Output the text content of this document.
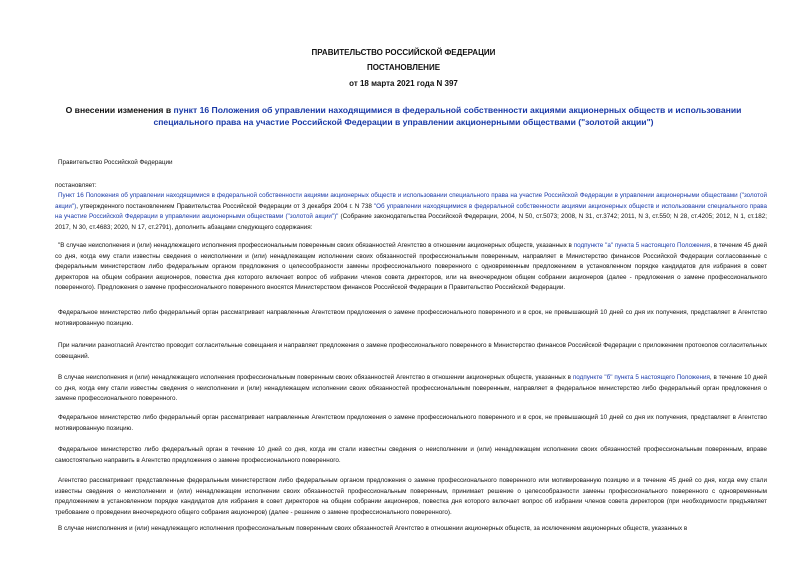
ПРАВИТЕЛЬСТВО РОССИЙСКОЙ ФЕДЕРАЦИИ
ПОСТАНОВЛЕНИЕ
от 18 марта 2021 года N 397
О внесении изменения в пункт 16 Положения об управлении находящимися в федеральной собственности акциями акционерных обществ и использовании специального права на участие Российской Федерации в управлении акционерными обществами ("золотой акции")

Правительство Российской Федерации

постановляет:

Пункт 16 Положения об управлении находящимися в федеральной собственности акциями акционерных обществ и использовании специального права на участие Российской Федерации в управлении акционерными обществами ("золотой акции"), утвержденного постановлением Правительства Российской Федерации от 3 декабря 2004 г. N 738 "Об управлении находящимися в федеральной собственности акциями акционерных обществ и использовании специального права на участие Российской Федерации в управлении акционерными обществами ("золотой акции")" (Собрание законодательства Российской Федерации, 2004, N 50, ст.5073; 2008, N 31, ст.3742; 2011, N 3, ст.550; N 28, ст.4205; 2012, N 1, ст.182; 2017, N 30, ст.4683; 2020, N 17, ст.2791), дополнить абзацами следующего содержания:

"В случае неисполнения и (или) ненадлежащего исполнения профессиональным поверенным своих обязанностей Агентство в отношении акционерных обществ, указанных в подпункте "а" пункта 5 настоящего Положения, в течение 45 дней со дня, когда ему стали известны сведения о неисполнении и (или) ненадлежащем исполнении своих обязанностей профессиональным поверенным, направляет в Министерство финансов Российской Федерации согласованные с федеральным министерством либо федеральным органом предложения о целесообразности замены профессионального поверенного с одновременным предложением в установленном порядке кандидатов для избрания в совет директоров на общем собрании акционеров, повестка дня которого включает вопрос об избрании членов совета директоров, или на внеочередном общем собрании акционеров (далее - предложения о замене профессионального поверенного). Предложения о замене профессионального поверенного вносятся Министерством финансов Российской Федерации в Правительство Российской Федерации.

Федеральное министерство либо федеральный орган рассматривает направленные Агентством предложения о замене профессионального поверенного и в срок, не превышающий 10 дней со дня их получения, представляет в Агентство мотивированную позицию.

При наличии разногласий Агентство проводит согласительные совещания и направляет предложения о замене профессионального поверенного в Министерство финансов Российской Федерации с приложением протоколов согласительных совещаний.

В случае неисполнения и (или) ненадлежащего исполнения профессиональным поверенным своих обязанностей Агентство в отношении акционерных обществ, указанных в подпункте "б" пункта 5 настоящего Положения, в течение 10 дней со дня, когда ему стали известны сведения о неисполнении и (или) ненадлежащем исполнении своих обязанностей профессиональным поверенным, направляет в федеральное министерство либо федеральный орган предложения о замене профессионального поверенного.

Федеральное министерство либо федеральный орган рассматривает направленные Агентством предложения о замене профессионального поверенного и в срок, не превышающий 10 дней со дня их получения, представляет в Агентство мотивированную позицию.

Федеральное министерство либо федеральный орган в течение 10 дней со дня, когда им стали известны сведения о неисполнении и (или) ненадлежащем исполнении своих обязанностей профессиональным поверенным, вправе самостоятельно направить в Агентство предложения о замене профессионального поверенного.

Агентство рассматривает представленные федеральным министерством либо федеральным органом предложения о замене профессионального поверенного или мотивированную позицию и в течение 45 дней со дня, когда ему стали известны сведения о неисполнении и (или) ненадлежащем исполнении своих обязанностей профессиональным поверенным, принимает решение о целесообразности замены профессионального поверенного с одновременным предложением в установленном порядке кандидатов для избрания в совет директоров на общем собрании акционеров, повестка дня которого включает вопрос об избрании членов совета директоров (при необходимости предъявляет требование о проведении внеочередного общего собрания акционеров) (далее - решение о замене профессионального поверенного).

В случае неисполнения и (или) ненадлежащего исполнения профессиональным поверенным своих обязанностей Агентство в отношении акционерных обществ, за исключением акционерных обществ, указанных в
